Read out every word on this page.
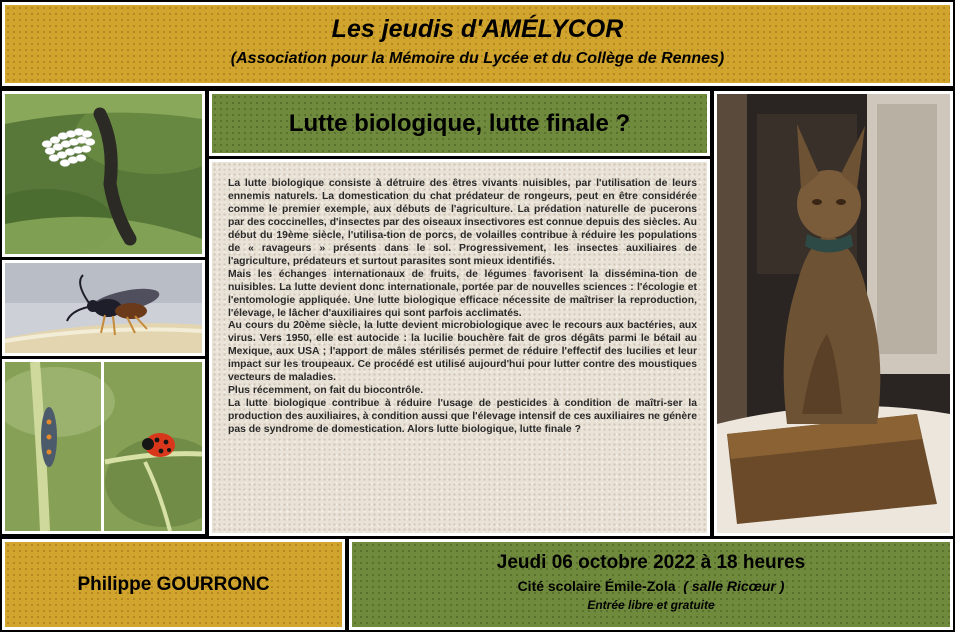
Les jeudis d'AMÉLYCOR
(Association pour la Mémoire du Lycée et du Collège de Rennes)
Lutte biologique, lutte finale ?

La lutte biologique consiste à détruire des êtres vivants nuisibles, par l'utilisation de leurs ennemis naturels. La domestication du chat prédateur de rongeurs, peut en être considérée comme le premier exemple, aux débuts de l'agriculture. La prédation naturelle de pucerons par des coccinelles, d'insectes par des oiseaux insectivores est connue depuis des siècles. Au début du 19ème siècle, l'utilisa-tion de porcs, de volailles contribue à réduire les populations de « ravageurs » présents dans le sol. Progressivement, les insectes auxiliaires de l'agriculture, prédateurs et surtout parasites sont mieux identifiés.

Mais les échanges internationaux de fruits, de légumes favorisent la dissémina-tion de nuisibles. La lutte devient donc internationale, portée par de nouvelles sciences : l'écologie et l'entomologie appliquée. Une lutte biologique efficace nécessite de maîtriser la reproduction, l'élevage, le lâcher d'auxiliaires qui sont parfois acclimatés.

Au cours du 20ème siècle, la lutte devient microbiologique avec le recours aux bactéries, aux virus. Vers 1950, elle est autocide : la lucilie bouchère fait de gros dégâts parmi le bétail au Mexique, aux USA ; l'apport de mâles stérilisés permet de réduire l'effectif des lucilies et leur impact sur les troupeaux. Ce procédé est utilisé aujourd'hui pour lutter contre des moustiques vecteurs de maladies.

Plus récemment, on fait du biocontrôle.

La lutte biologique contribue à réduire l'usage de pesticides à condition de maîtri-ser la production des auxiliaires, à condition aussi que l'élevage intensif de ces auxiliaires ne génère pas de syndrome de domestication. Alors lutte biologique, lutte finale ?

Philippe GOURRONC
Jeudi 06 octobre 2022 à 18 heures
Cité scolaire Émile-Zola ( salle Ricœur )
Entrée libre et gratuite
